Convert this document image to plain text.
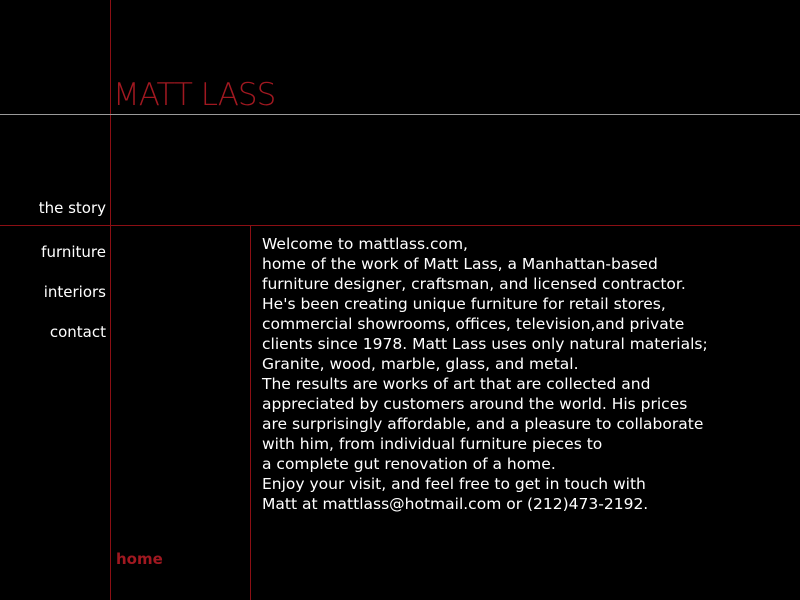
MATT LASS
the story
furniture
interiors
contact
home

Welcome to mattlass.com,

home of the work of Matt Lass, a Manhattan-based

furniture designer, craftsman, and licensed contractor.

He's been creating unique furniture for retail stores,

commercial showrooms, offices, television,and private

clients since 1978. Matt Lass uses only natural materials;

Granite, wood, marble, glass, and metal.

The results are works of art that are collected and

appreciated by customers around the world. His prices

are surprisingly affordable, and a pleasure to collaborate

with him, from individual furniture pieces to

a complete gut renovation of a home.

Enjoy your visit, and feel free to get in touch with

Matt at mattlass@hotmail.com or (212)473-2192.
